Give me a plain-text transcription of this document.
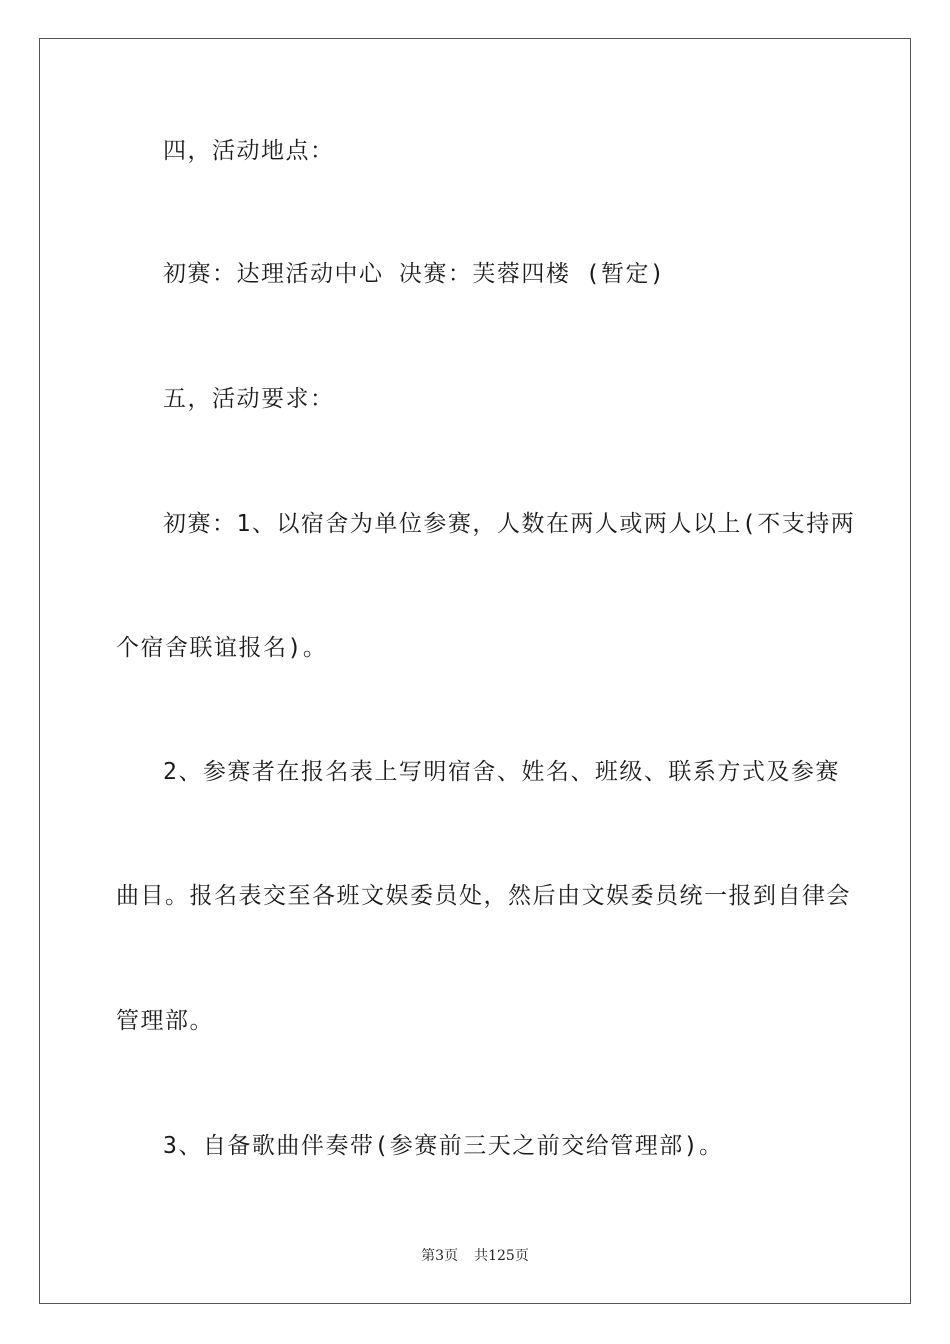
四，活动地点：
初赛：达理活动中心 决赛：芙蓉四楼 (暂定)
五，活动要求：
初赛：1、以宿舍为单位参赛，人数在两人或两人以上(不支持两
个宿舍联谊报名)。
2、参赛者在报名表上写明宿舍、姓名、班级、联系方式及参赛
曲目。报名表交至各班文娱委员处，然后由文娱委员统一报到自律会
管理部。
3、自备歌曲伴奏带(参赛前三天之前交给管理部)。
第3页 共125页
